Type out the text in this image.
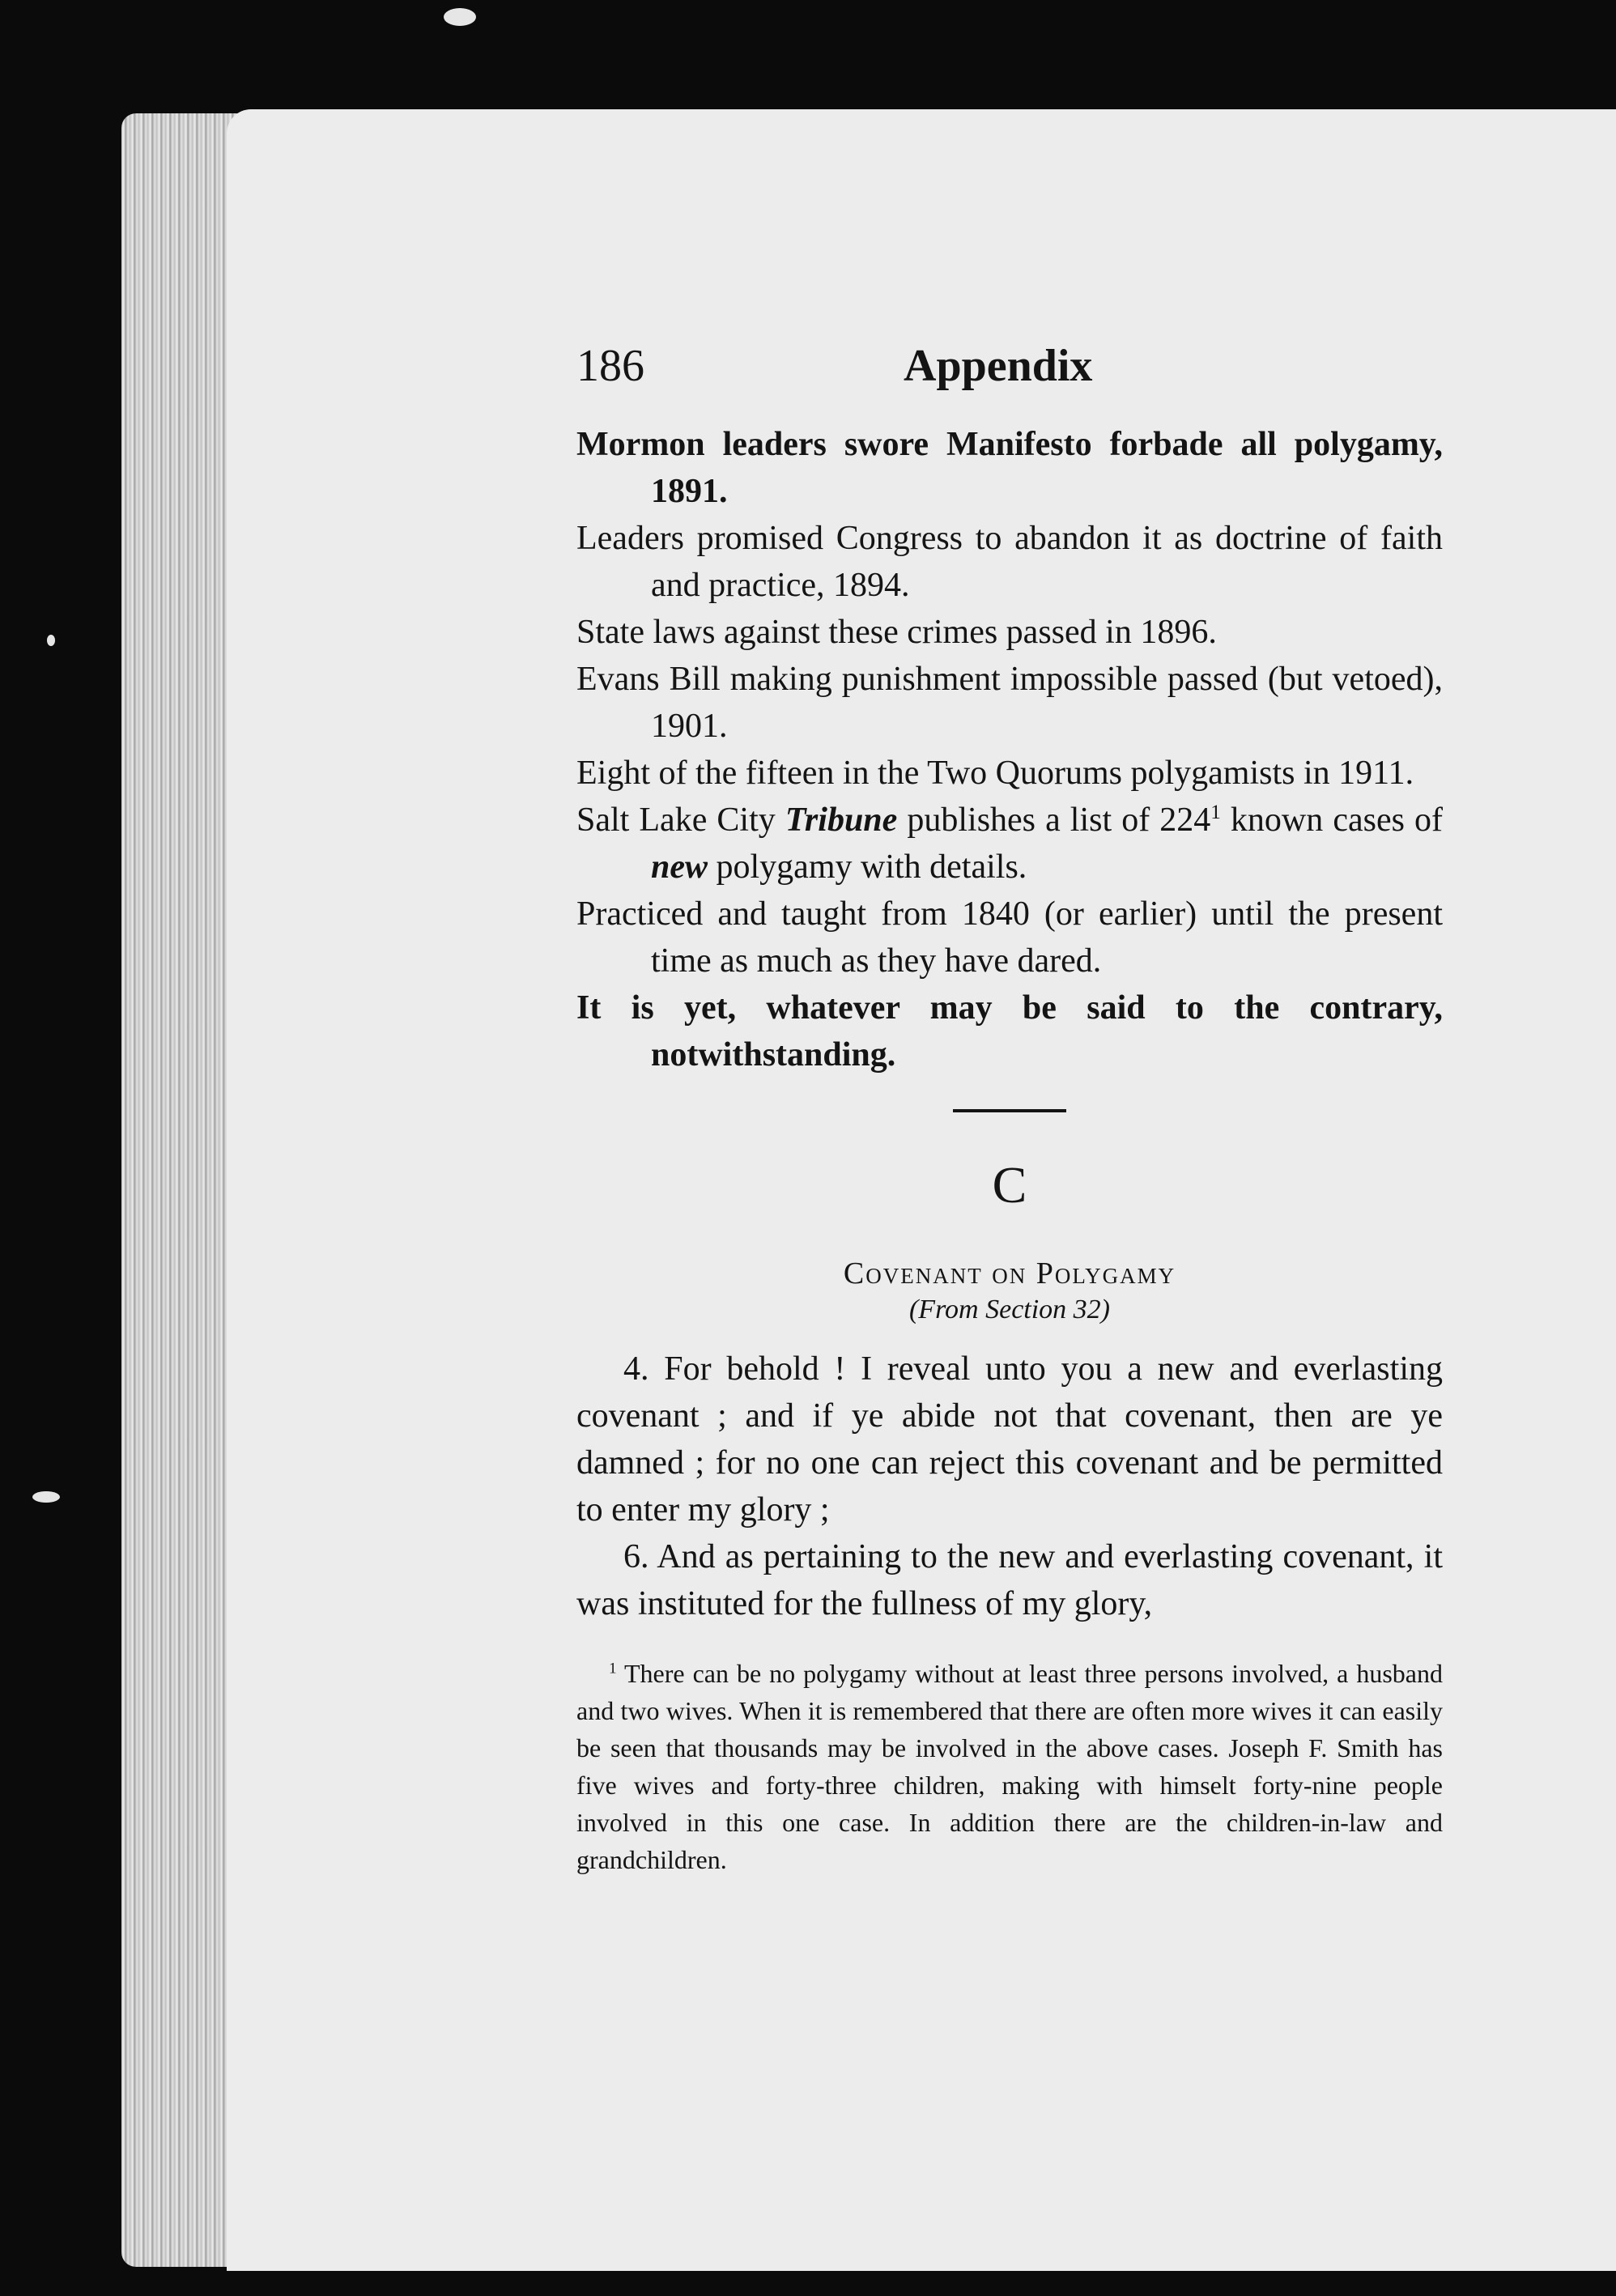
186	Appendix
Mormon leaders swore Manifesto forbade all polygamy, 1891.
Leaders promised Congress to abandon it as doctrine of faith and practice, 1894.
State laws against these crimes passed in 1896.
Evans Bill making punishment impossible passed (but vetoed), 1901.
Eight of the fifteen in the Two Quorums polygamists in 1911.
Salt Lake City Tribune publishes a list of $224^1$ known cases of new polygamy with details.
Practiced and taught from 1840 (or earlier) until the present time as much as they have dared.
It is yet, whatever may be said to the contrary, notwithstanding.
C
Covenant on Polygamy
(From Section 32)
4. For behold ! I reveal unto you a new and everlasting covenant ; and if ye abide not that covenant, then are ye damned ; for no one can reject this covenant and be permitted to enter my glory ;
6. And as pertaining to the new and everlasting covenant, it was instituted for the fullness of my glory,
$^1$ There can be no polygamy without at least three persons involved, a husband and two wives. When it is remembered that there are often more wives it can easily be seen that thousands may be involved in the above cases. Joseph F. Smith has five wives and forty-three children, making with himselt forty-nine people involved in this one case. In addition there are the children-in-law and grandchildren.
